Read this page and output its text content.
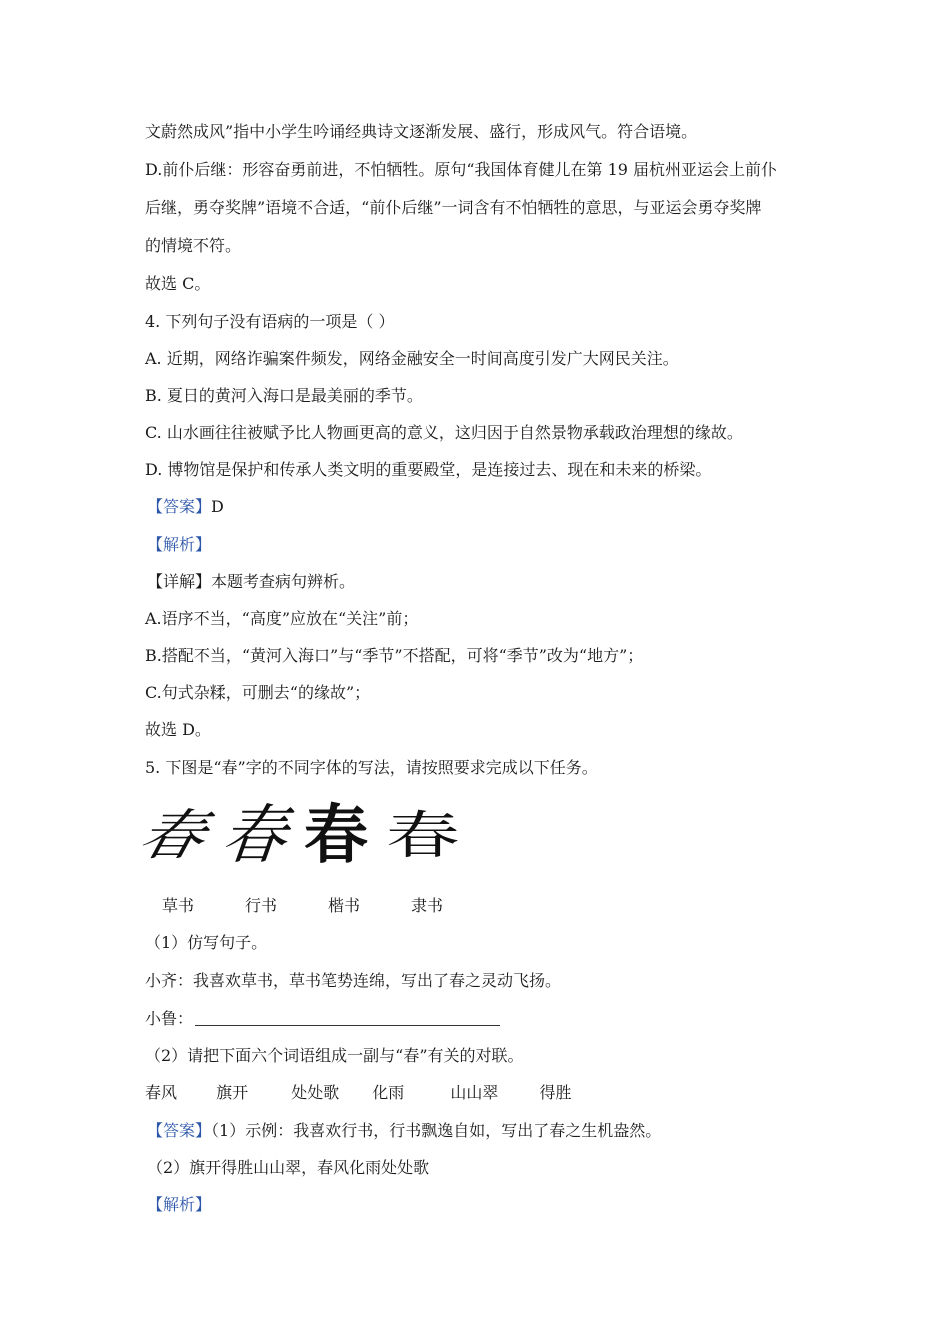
文蔚然成风”指中小学生吟诵经典诗文逐渐发展、盛行，形成风气。符合语境。
D.前仆后继：形容奋勇前进，不怕牺牲。原句“我国体育健儿在第 19 届杭州亚运会上前仆
后继，勇夺奖牌”语境不合适，“前仆后继”一词含有不怕牺牲的意思，与亚运会勇夺奖牌
的情境不符。
故选 C。
4. 下列句子没有语病的一项是（ ）
A. 近期，网络诈骗案件频发，网络金融安全一时间高度引发广大网民关注。
B. 夏日的黄河入海口是最美丽的季节。
C. 山水画往往被赋予比人物画更高的意义，这归因于自然景物承载政治理想的缘故。
D. 博物馆是保护和传承人类文明的重要殿堂，是连接过去、现在和未来的桥梁。
【答案】D
【解析】
【详解】本题考查病句辨析。
A.语序不当，“高度”应放在“关注”前；
B.搭配不当，“黄河入海口”与“季节”不搭配，可将“季节”改为“地方”；
C.句式杂糅，可删去“的缘故”；
故选 D。
5. 下图是“春”字的不同字体的写法，请按照要求完成以下任务。
春 春 春 春
草书	行书	楷书	隶书
（1）仿写句子。
小齐：我喜欢草书，草书笔势连绵，写出了春之灵动飞扬。
小鲁：
（2）请把下面六个词语组成一副与“春”有关的对联。
春风 旗开	处处歌 化雨	山山翠	得胜
【答案】（1）示例：我喜欢行书，行书飘逸自如，写出了春之生机盎然。
（2）旗开得胜山山翠，春风化雨处处歌
【解析】
